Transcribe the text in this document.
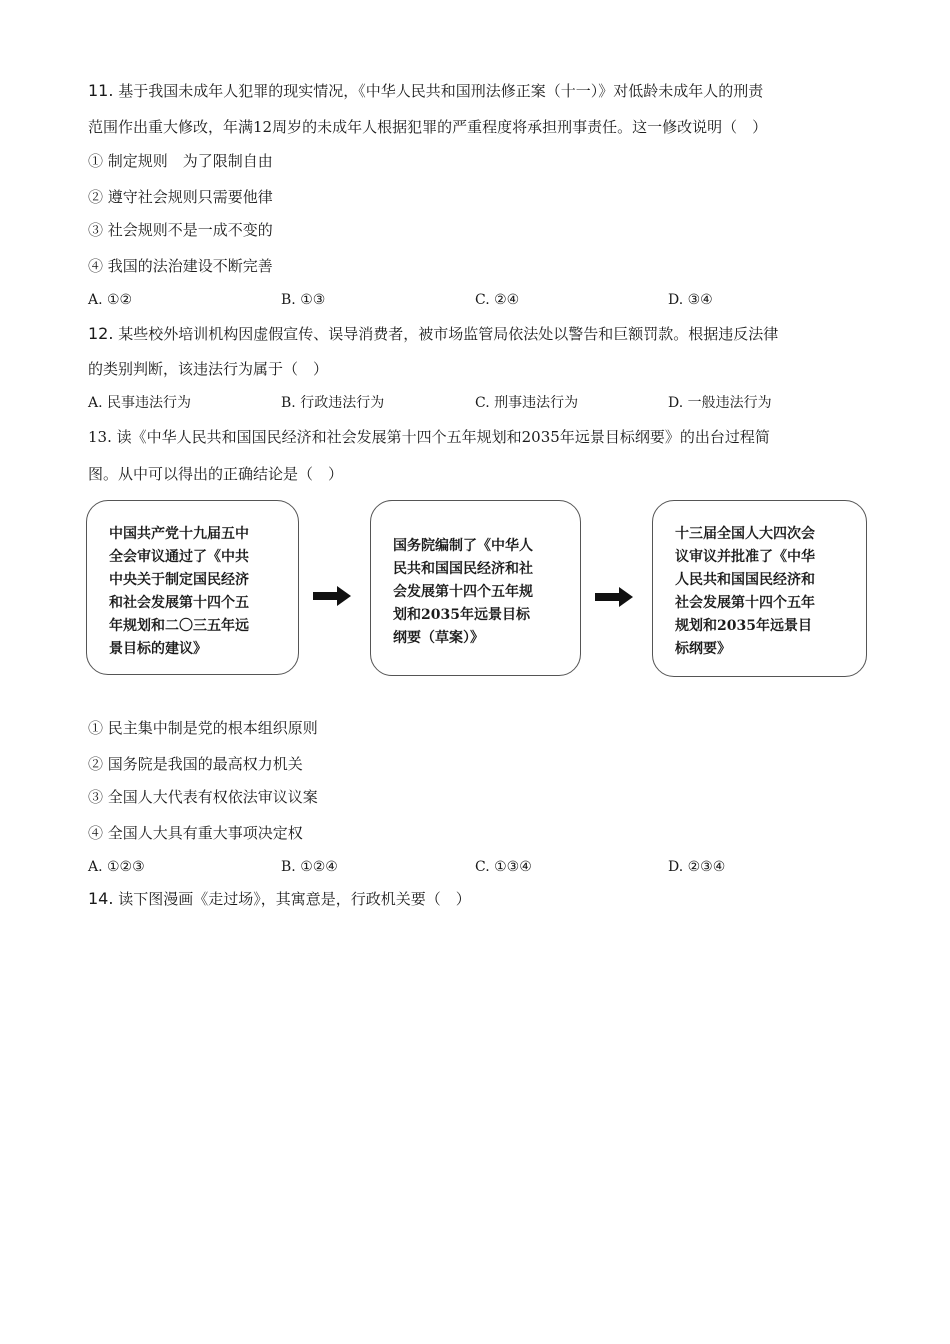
11. 基于我国未成年人犯罪的现实情况，《中华人民共和国刑法修正案（十一）》对低龄未成年人的刑责
范围作出重大修改，年满12周岁的未成年人根据犯罪的严重程度将承担刑事责任。这一修改说明（　）
① 制定规则　为了限制自由
② 遵守社会规则只需要他律
③ 社会规则不是一成不变的
④ 我国的法治建设不断完善
A. ①②	B. ①③	C. ②④	D. ③④
12. 某些校外培训机构因虚假宣传、误导消费者，被市场监管局依法处以警告和巨额罚款。根据违反法律
的类别判断，该违法行为属于（　）
A. 民事违法行为	B. 行政违法行为	C. 刑事违法行为	D. 一般违法行为
13. 读《中华人民共和国国民经济和社会发展第十四个五年规划和2035年远景目标纲要》的出台过程简
图。从中可以得出的正确结论是（　）
中国共产党十九届五中
全会审议通过了《中共
中央关于制定国民经济
和社会发展第十四个五
年规划和二〇三五年远
景目标的建议》
国务院编制了《中华人
民共和国国民经济和社
会发展第十四个五年规
划和2035年远景目标
纲要（草案）》
十三届全国人大四次会
议审议并批准了《中华
人民共和国国民经济和
社会发展第十四个五年
规划和2035年远景目
标纲要》
① 民主集中制是党的根本组织原则
② 国务院是我国的最高权力机关
③ 全国人大代表有权依法审议议案
④ 全国人大具有重大事项决定权
A. ①②③	B. ①②④	C. ①③④	D. ②③④
14. 读下图漫画《走过场》，其寓意是，行政机关要（　）
